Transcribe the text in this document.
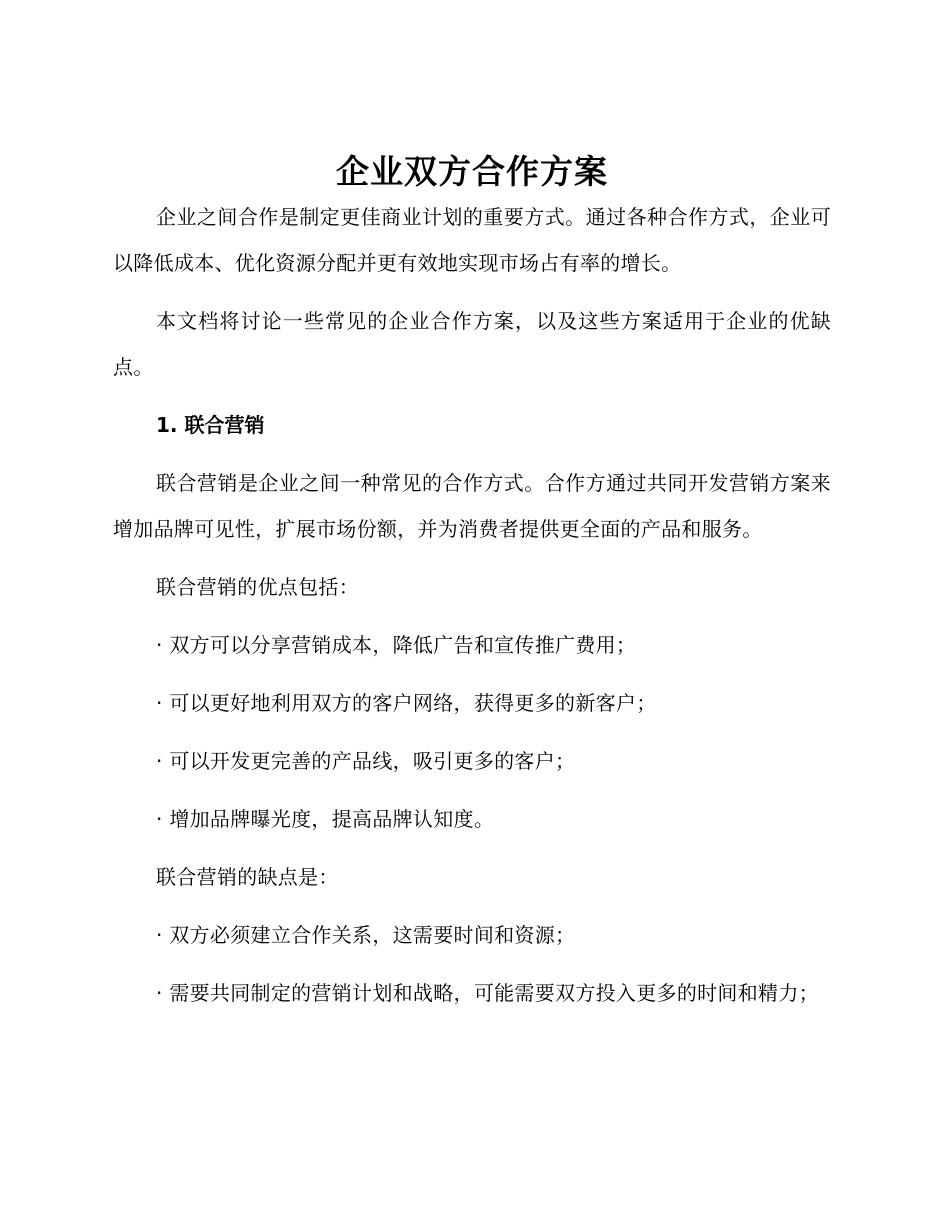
企业双方合作方案

企业之间合作是制定更佳商业计划的重要方式。通过各种合作方式，企业可以降低成本、优化资源分配并更有效地实现市场占有率的增长。

本文档将讨论一些常见的企业合作方案，以及这些方案适用于企业的优缺点。

1. 联合营销

联合营销是企业之间一种常见的合作方式。合作方通过共同开发营销方案来增加品牌可见性，扩展市场份额，并为消费者提供更全面的产品和服务。

联合营销的优点包括：

· 双方可以分享营销成本，降低广告和宣传推广费用；

· 可以更好地利用双方的客户网络，获得更多的新客户；

· 可以开发更完善的产品线，吸引更多的客户；

· 增加品牌曝光度，提高品牌认知度。

联合营销的缺点是：

· 双方必须建立合作关系，这需要时间和资源；

· 需要共同制定的营销计划和战略，可能需要双方投入更多的时间和精力；
